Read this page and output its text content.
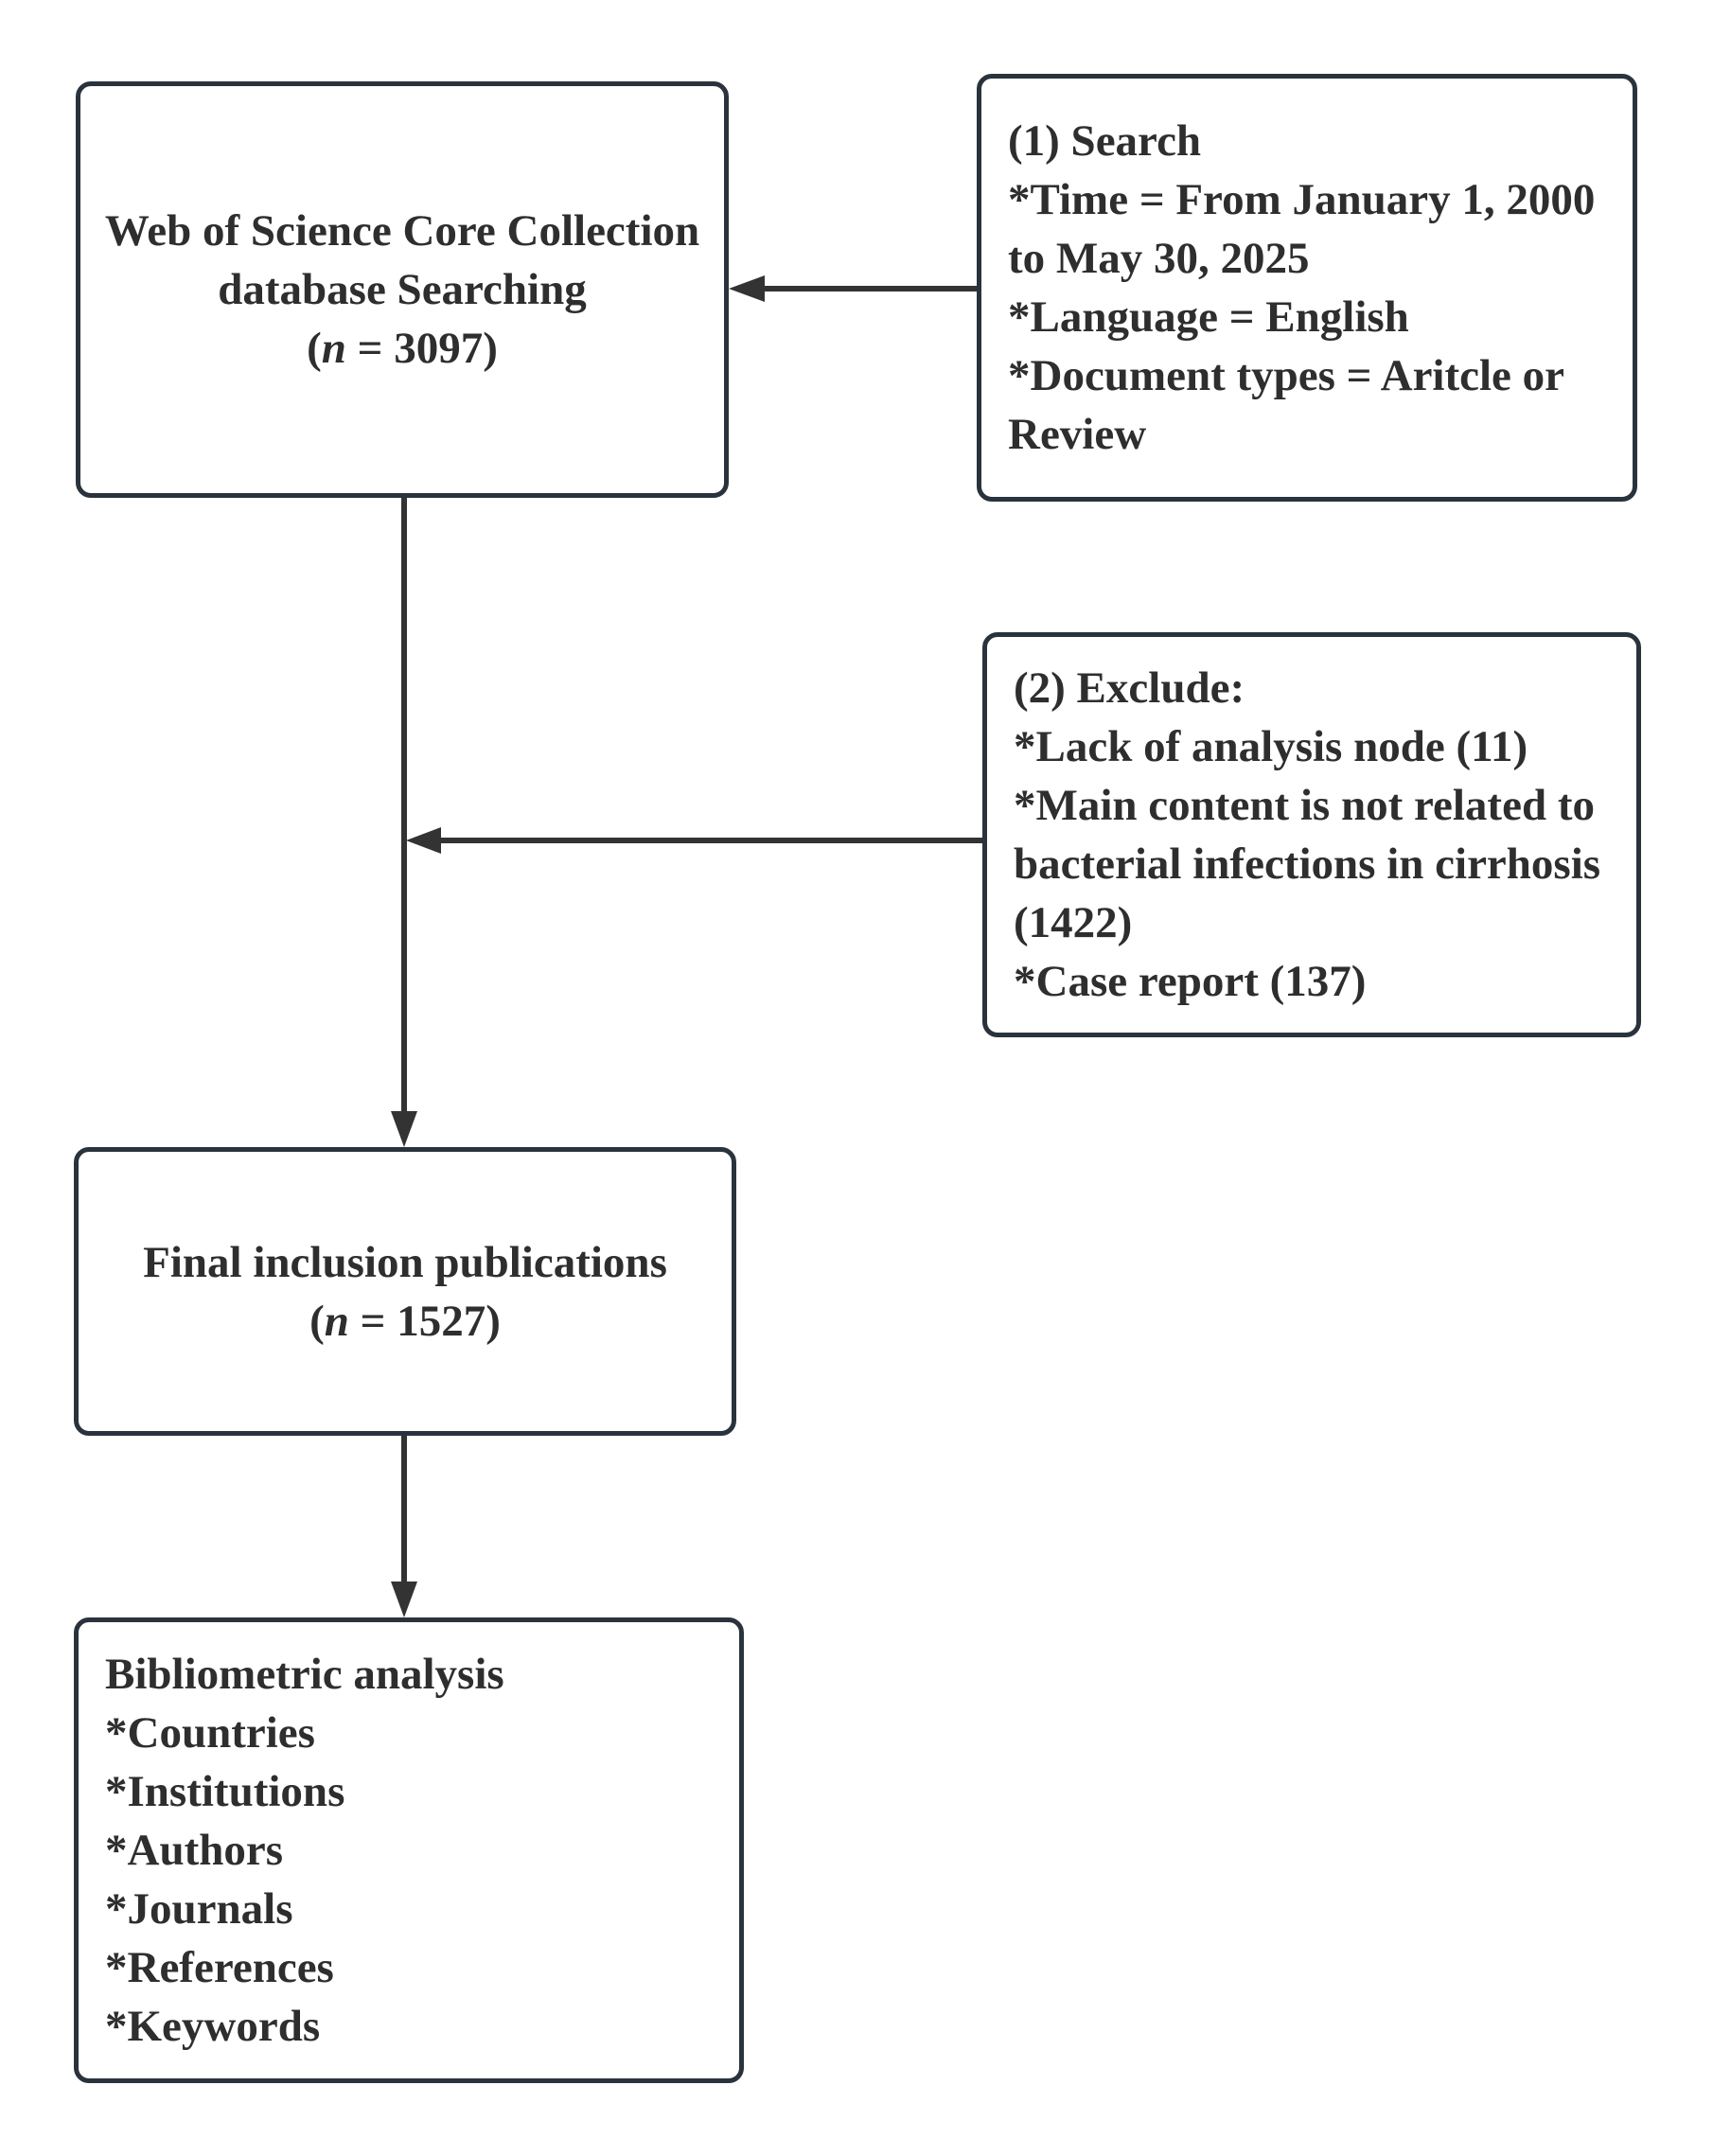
Web of Science Core Collection
database Searching
(n = 3097)
(1) Search
*Time = From January 1, 2000
to May 30, 2025
*Language = English
*Document types = Aritcle or
Review
(2) Exclude:
*Lack of analysis node (11)
*Main content is not related to
bacterial infections in cirrhosis
(1422)
*Case report (137)
Final inclusion publications
(n = 1527)
Bibliometric analysis
*Countries
*Institutions
*Authors
*Journals
*References
*Keywords
